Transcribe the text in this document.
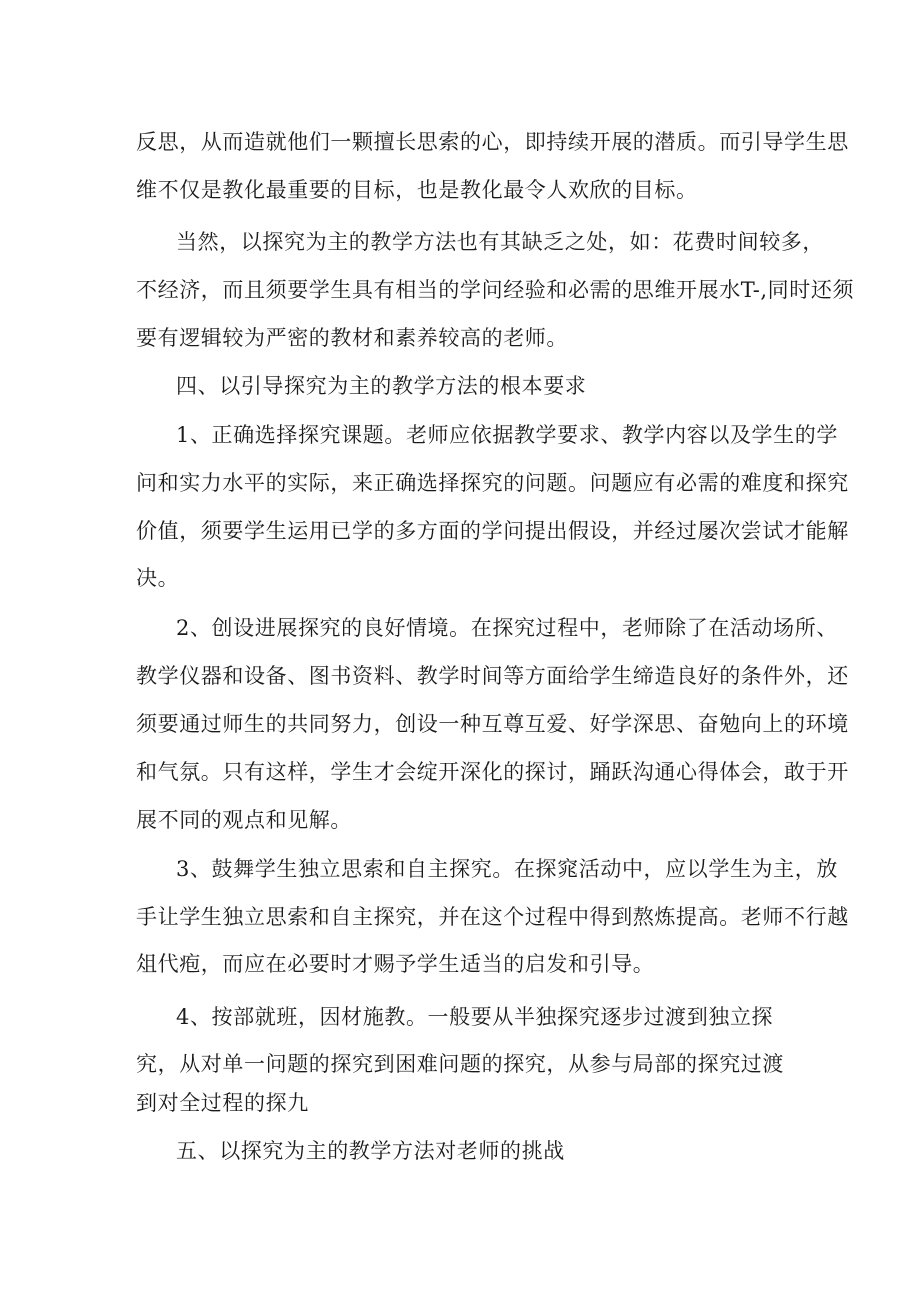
反思，从而造就他们一颗擅长思索的心，即持续开展的潜质。而引导学生思
维不仅是教化最重要的目标，也是教化最令人欢欣的目标。
当然，以探究为主的教学方法也有其缺乏之处，如：花费时间较多，
不经济，而且须要学生具有相当的学问经验和必需的思维开展水T-,同时还须
要有逻辑较为严密的教材和素养较高的老师。
四、以引导探究为主的教学方法的根本要求
1、正确选择探究课题。老师应依据教学要求、教学内容以及学生的学
问和实力水平的实际，来正确选择探究的问题。问题应有必需的难度和探究
价值，须要学生运用已学的多方面的学问提出假设，并经过屡次尝试才能解
决。
2、创设进展探究的良好情境。在探究过程中，老师除了在活动场所、
教学仪器和设备、图书资料、教学时间等方面给学生缔造良好的条件外，还
须要通过师生的共同努力，创设一种互尊互爱、好学深思、奋勉向上的环境
和气氛。只有这样，学生才会绽开深化的探讨，踊跃沟通心得体会，敢于开
展不同的观点和见解。
3、鼓舞学生独立思索和自主探究。在探窕活动中，应以学生为主，放
手让学生独立思索和自主探究，并在这个过程中得到熬炼提高。老师不行越
俎代疱，而应在必要时才赐予学生适当的启发和引导。
4、按部就班，因材施教。一般要从半独探究逐步过渡到独立探
究，从对单一问题的探究到困难问题的探究，从参与局部的探究过渡
到对全过程的探九
五、以探究为主的教学方法对老师的挑战
